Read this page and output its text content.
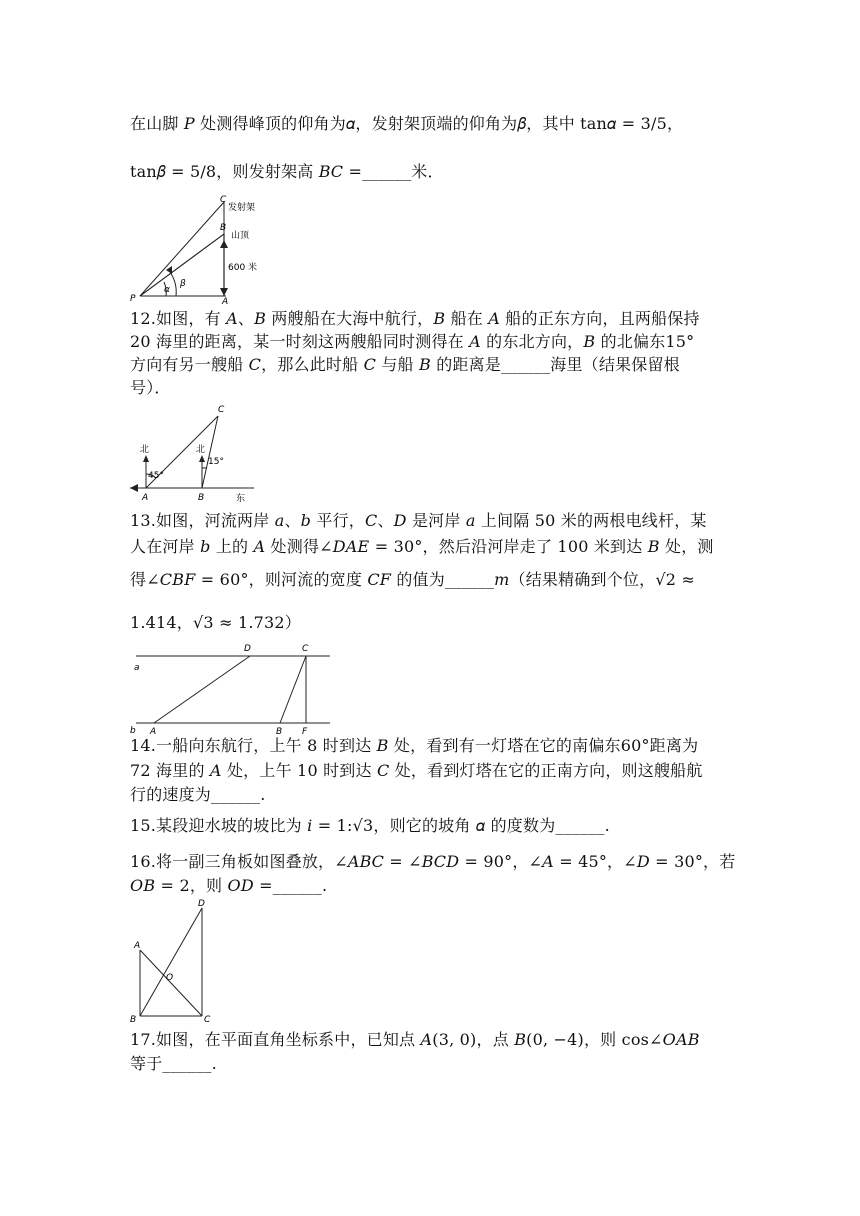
在山脚 𝑃 处测得峰顶的仰角为𝛼，发射架顶端的仰角为𝛽，其中 tan𝛼 = 3/5，
tan𝛽 = 5/8，则发射架高 𝐵𝐶 =______米．
C
发射架
B
山顶
600 米
P	A
α
β
12.如图，有 𝐴、𝐵 两艘船在大海中航行，𝐵 船在 𝐴 船的正东方向，且两船保持
20 海里的距离，某一时刻这两艘船同时测得在 𝐴 的东北方向，𝐵 的北偏东15°
方向有另一艘船 𝐶，那么此时船 𝐶 与船 𝐵 的距离是______海里（结果保留根
号）．
C
北	北
45°
15°
A	B	东
13.如图，河流两岸 𝑎、𝑏 平行，𝐶、𝐷 是河岸 𝑎 上间隔 50 米的两根电线杆，某
人在河岸 𝑏 上的 𝐴 处测得∠𝐷𝐴𝐸 = 30°，然后沿河岸走了 100 米到达 𝐵 处，测
得∠𝐶𝐵𝐹 = 60°，则河流的宽度 𝐶𝐹 的值为______𝑚（结果精确到个位，√2 ≈
1.414，√3 ≈ 1.732）
a
b
D	C
A	B F
14.一船向东航行，上午 8 时到达 𝐵 处，看到有一灯塔在它的南偏东60°距离为
72 海里的 𝐴 处，上午 10 时到达 𝐶 处，看到灯塔在它的正南方向，则这艘船航
行的速度为______.
15.某段迎水坡的坡比为 𝑖 = 1:√3，则它的坡角 𝛼 的度数为______.
16.将一副三角板如图叠放，∠𝐴𝐵𝐶 = ∠𝐵𝐶𝐷 = 90°，∠𝐴 = 45°，∠𝐷 = 30°，若
𝑂𝐵 = 2，则 𝑂𝐷 =______.
D
A
O
B	C
17.如图，在平面直角坐标系中，已知点 𝐴(3, 0)，点 𝐵(0, −4)，则 cos∠𝑂𝐴𝐵
等于______.
